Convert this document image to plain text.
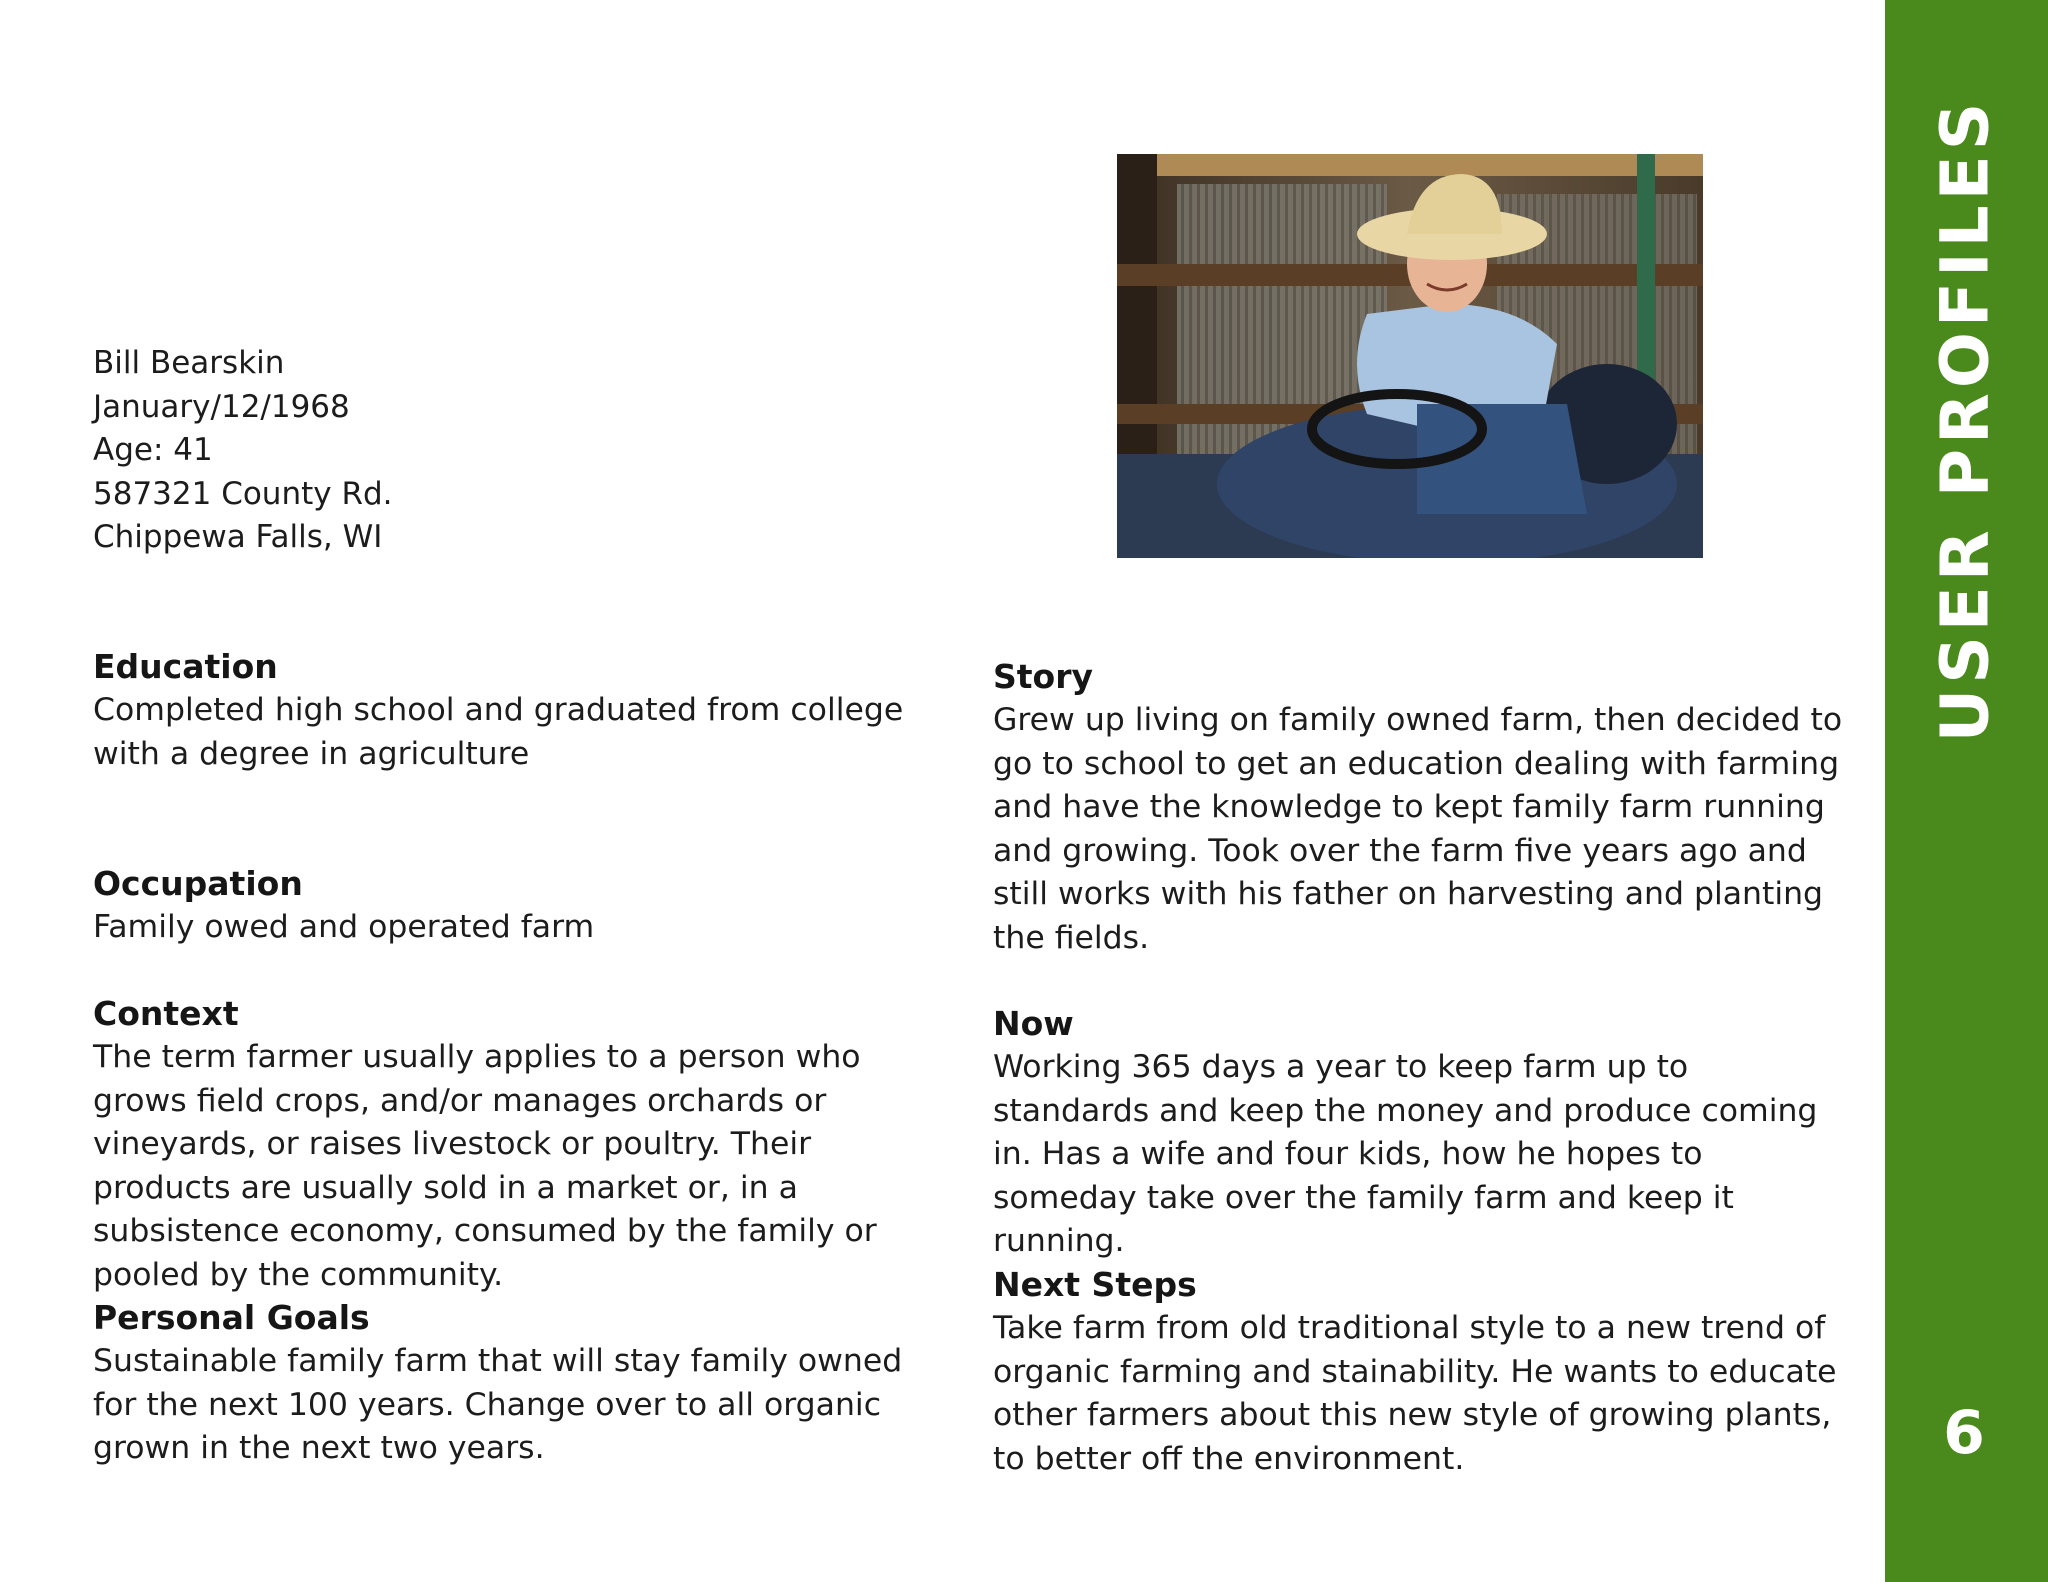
USER PROFILES
6
Bill Bearskin
January/12/1968
Age: 41
587321 County Rd.
Chippewa Falls, WI
Education

Completed high school and graduated from college with a degree in agriculture

Occupation

Family owed and operated farm

Context

The term farmer usually applies to a person who grows field crops, and/or manages orchards or vineyards, or raises livestock or poultry. Their products are usually sold in a market or, in a subsistence economy, consumed by the family or pooled by the community.

Personal Goals

Sustainable family farm that will stay family owned for the next 100 years. Change over to all organic grown in the next two years.

Story

Grew up living on family owned farm, then decided to go to school to get an education dealing with farming and have the knowledge to kept family farm running and growing. Took over the farm five years ago and still works with his father on harvesting and planting the fields.

Now

Working 365 days a year to keep farm up to standards and keep the money and produce coming in. Has a wife and four kids, how he hopes to someday take over the family farm and keep it running.

Next Steps

Take farm from old traditional style to a new trend of organic farming and stainability. He wants to educate other farmers about this new style of growing plants, to better off the environment.
